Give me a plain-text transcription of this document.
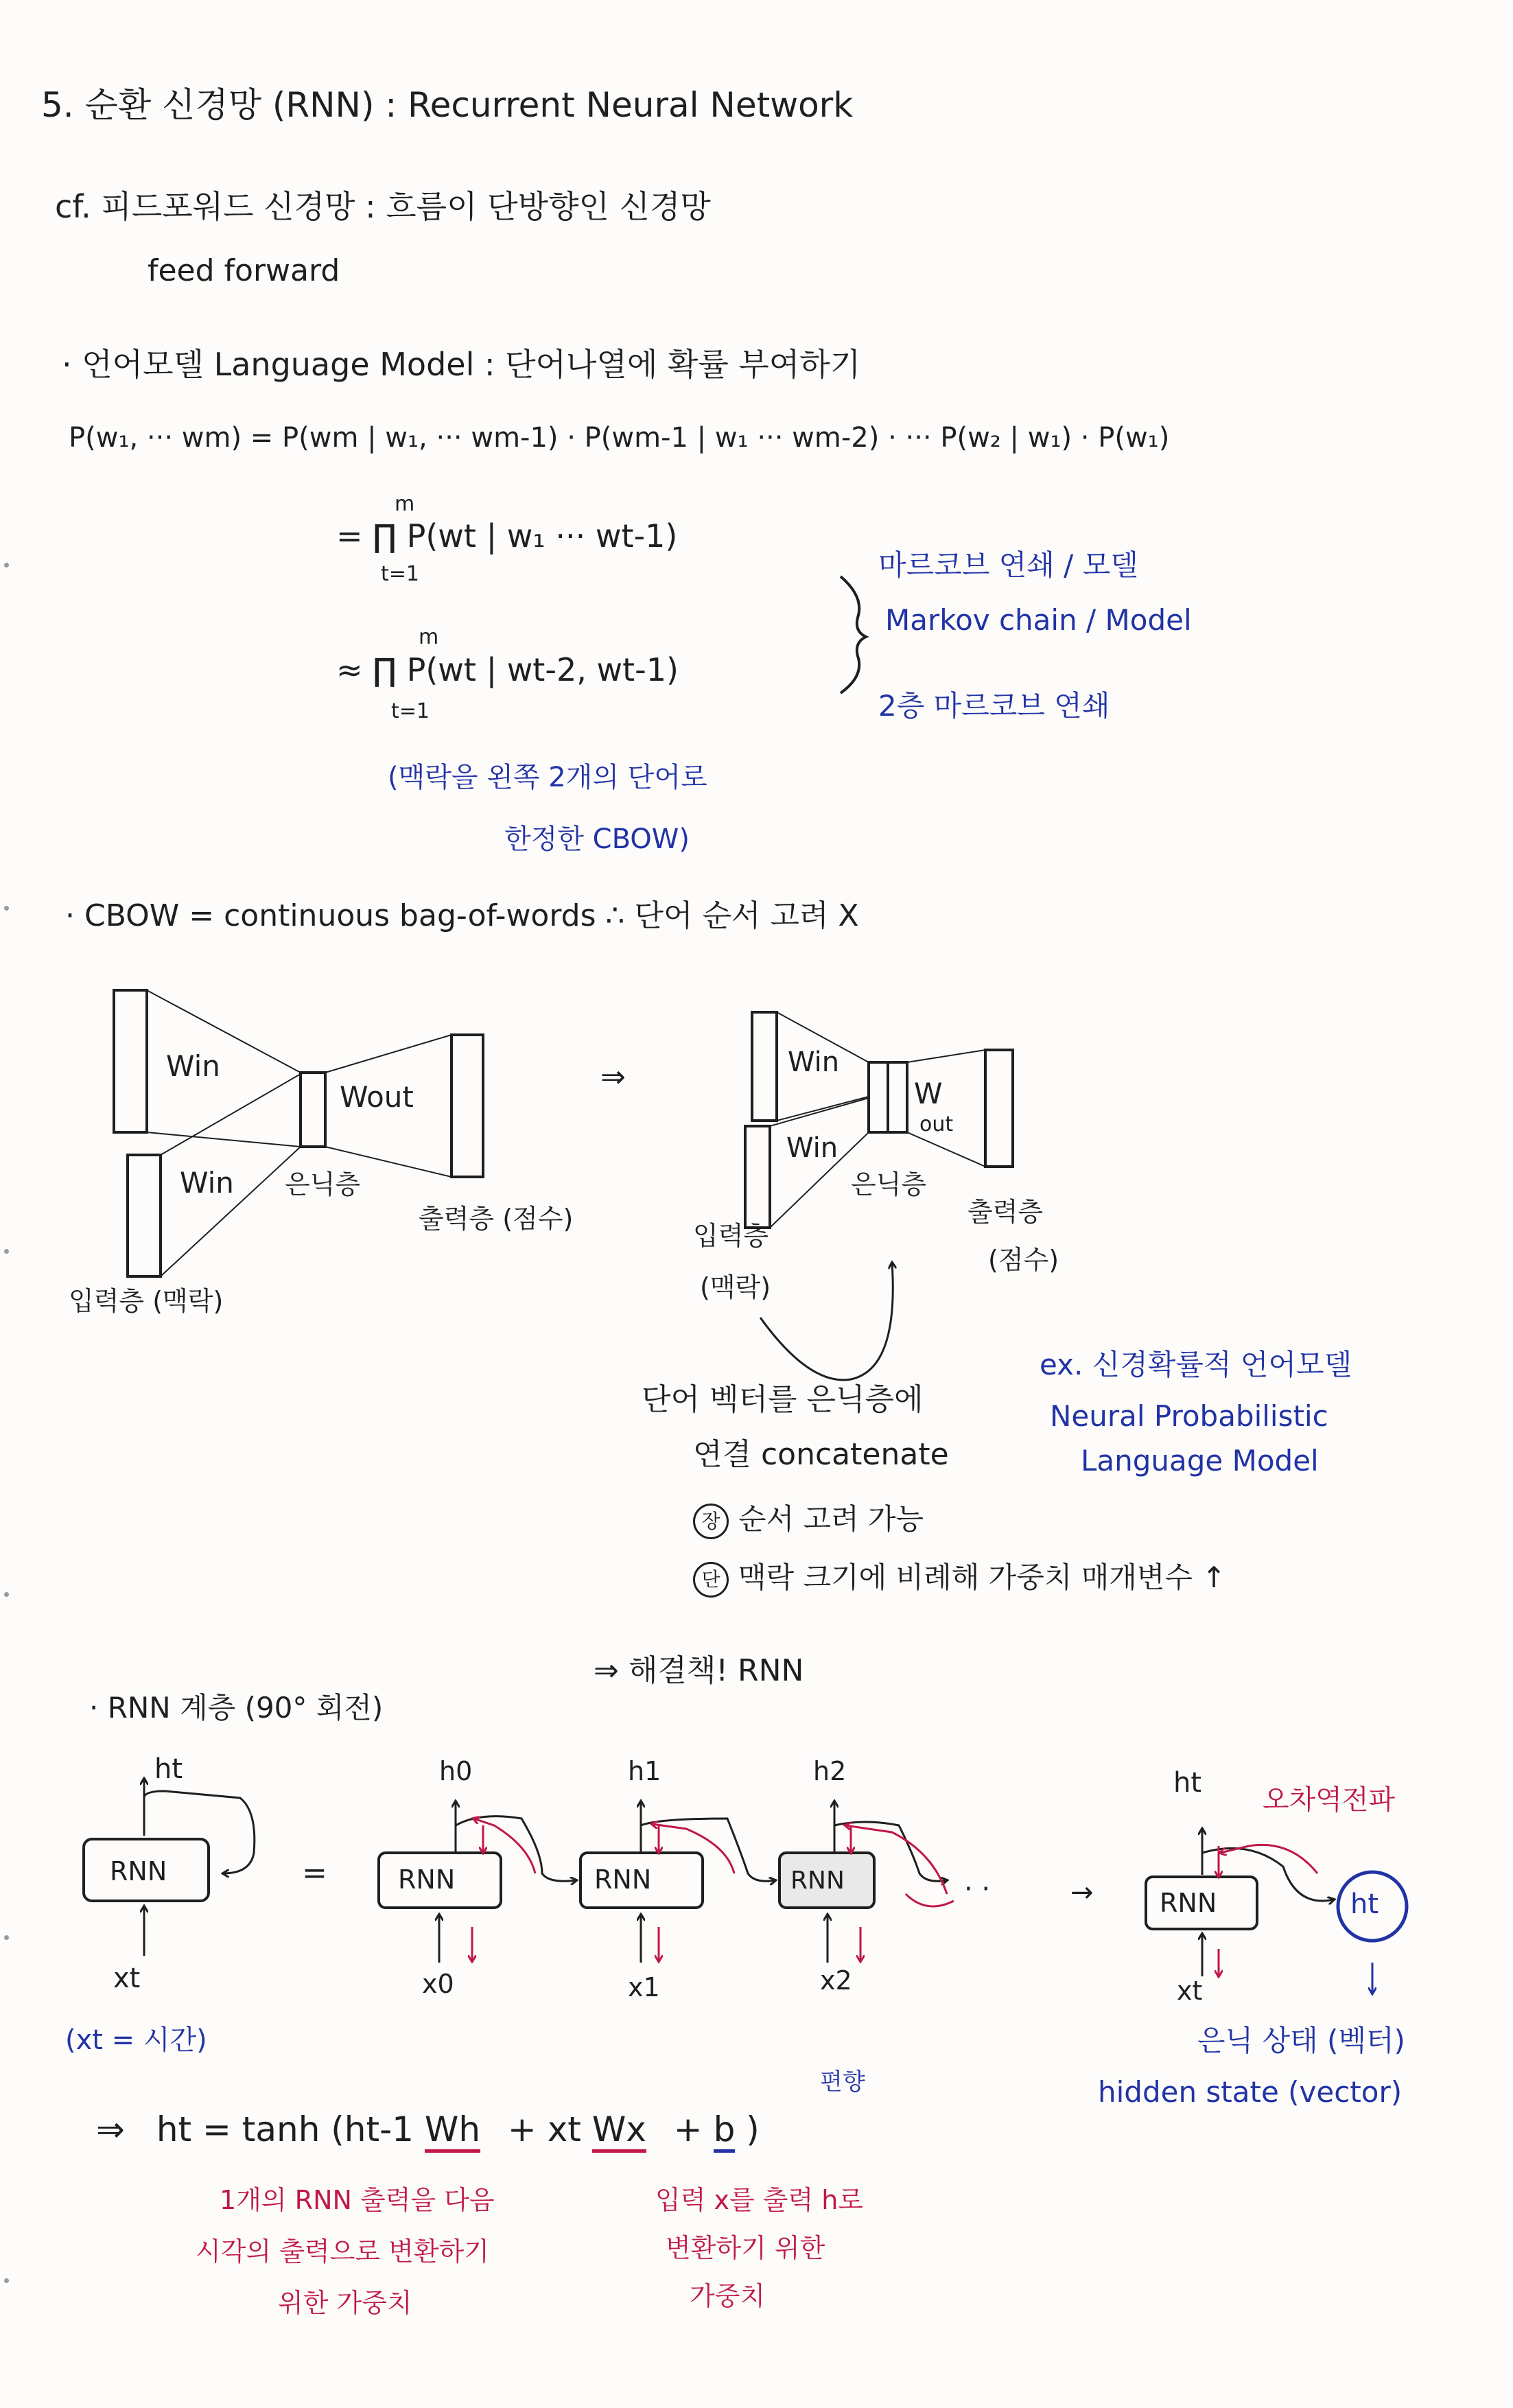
5. 순환 신경망 (RNN) : Recurrent Neural Network
cf. 피드포워드 신경망 : 흐름이 단방향인 신경망
feed forward
· 언어모델 Language Model : 단어나열에 확률 부여하기
P(w₁, ··· wm) = P(wm | w₁, ··· wm-1) · P(wm-1 | w₁ ··· wm-2) · ··· P(w₂ | w₁) · P(w₁)
= ∏ P(wt | w₁ ··· wt-1)
m
t=1
≈ ∏ P(wt | wt-2, wt-1)
m
t=1
마르코브 연쇄 / 모델
Markov chain / Model
2층 마르코브 연쇄
(맥락을 왼쪽 2개의 단어로
한정한 CBOW)
· CBOW = continuous bag-of-words ∴ 단어 순서 고려 X
Win
Win
Wout
은닉층
출력층 (점수)
입력층 (맥락)
⇒	Win
Win
W
out
은닉층
출력층
(점수)
입력층
(맥락)
단어 벡터를 은닉층에
연결 concatenate
ex. 신경확률적 언어모델
Neural Probabilistic
Language Model
장 순서 고려 가능
단 맥락 크기에 비례해 가중치 매개변수 ↑
⇒ 해결책! RNN
· RNN 계층 (90° 회전)
RNN
ht
xt
=	RNN	RNN	RNN
h0	h1	h2
x0	x1	x2
· ·	→	RNN
ht
xt
ht
오차역전파
(xt = 시간)	은닉 상태 (벡터)
hidden state (vector)
⇒ ht = tanh (ht-1 Wh + xt Wx + b )
편향
1개의 RNN 출력을 다음
시각의 출력으로 변환하기
위한 가중치
입력 x를 출력 h로
변환하기 위한
가중치
